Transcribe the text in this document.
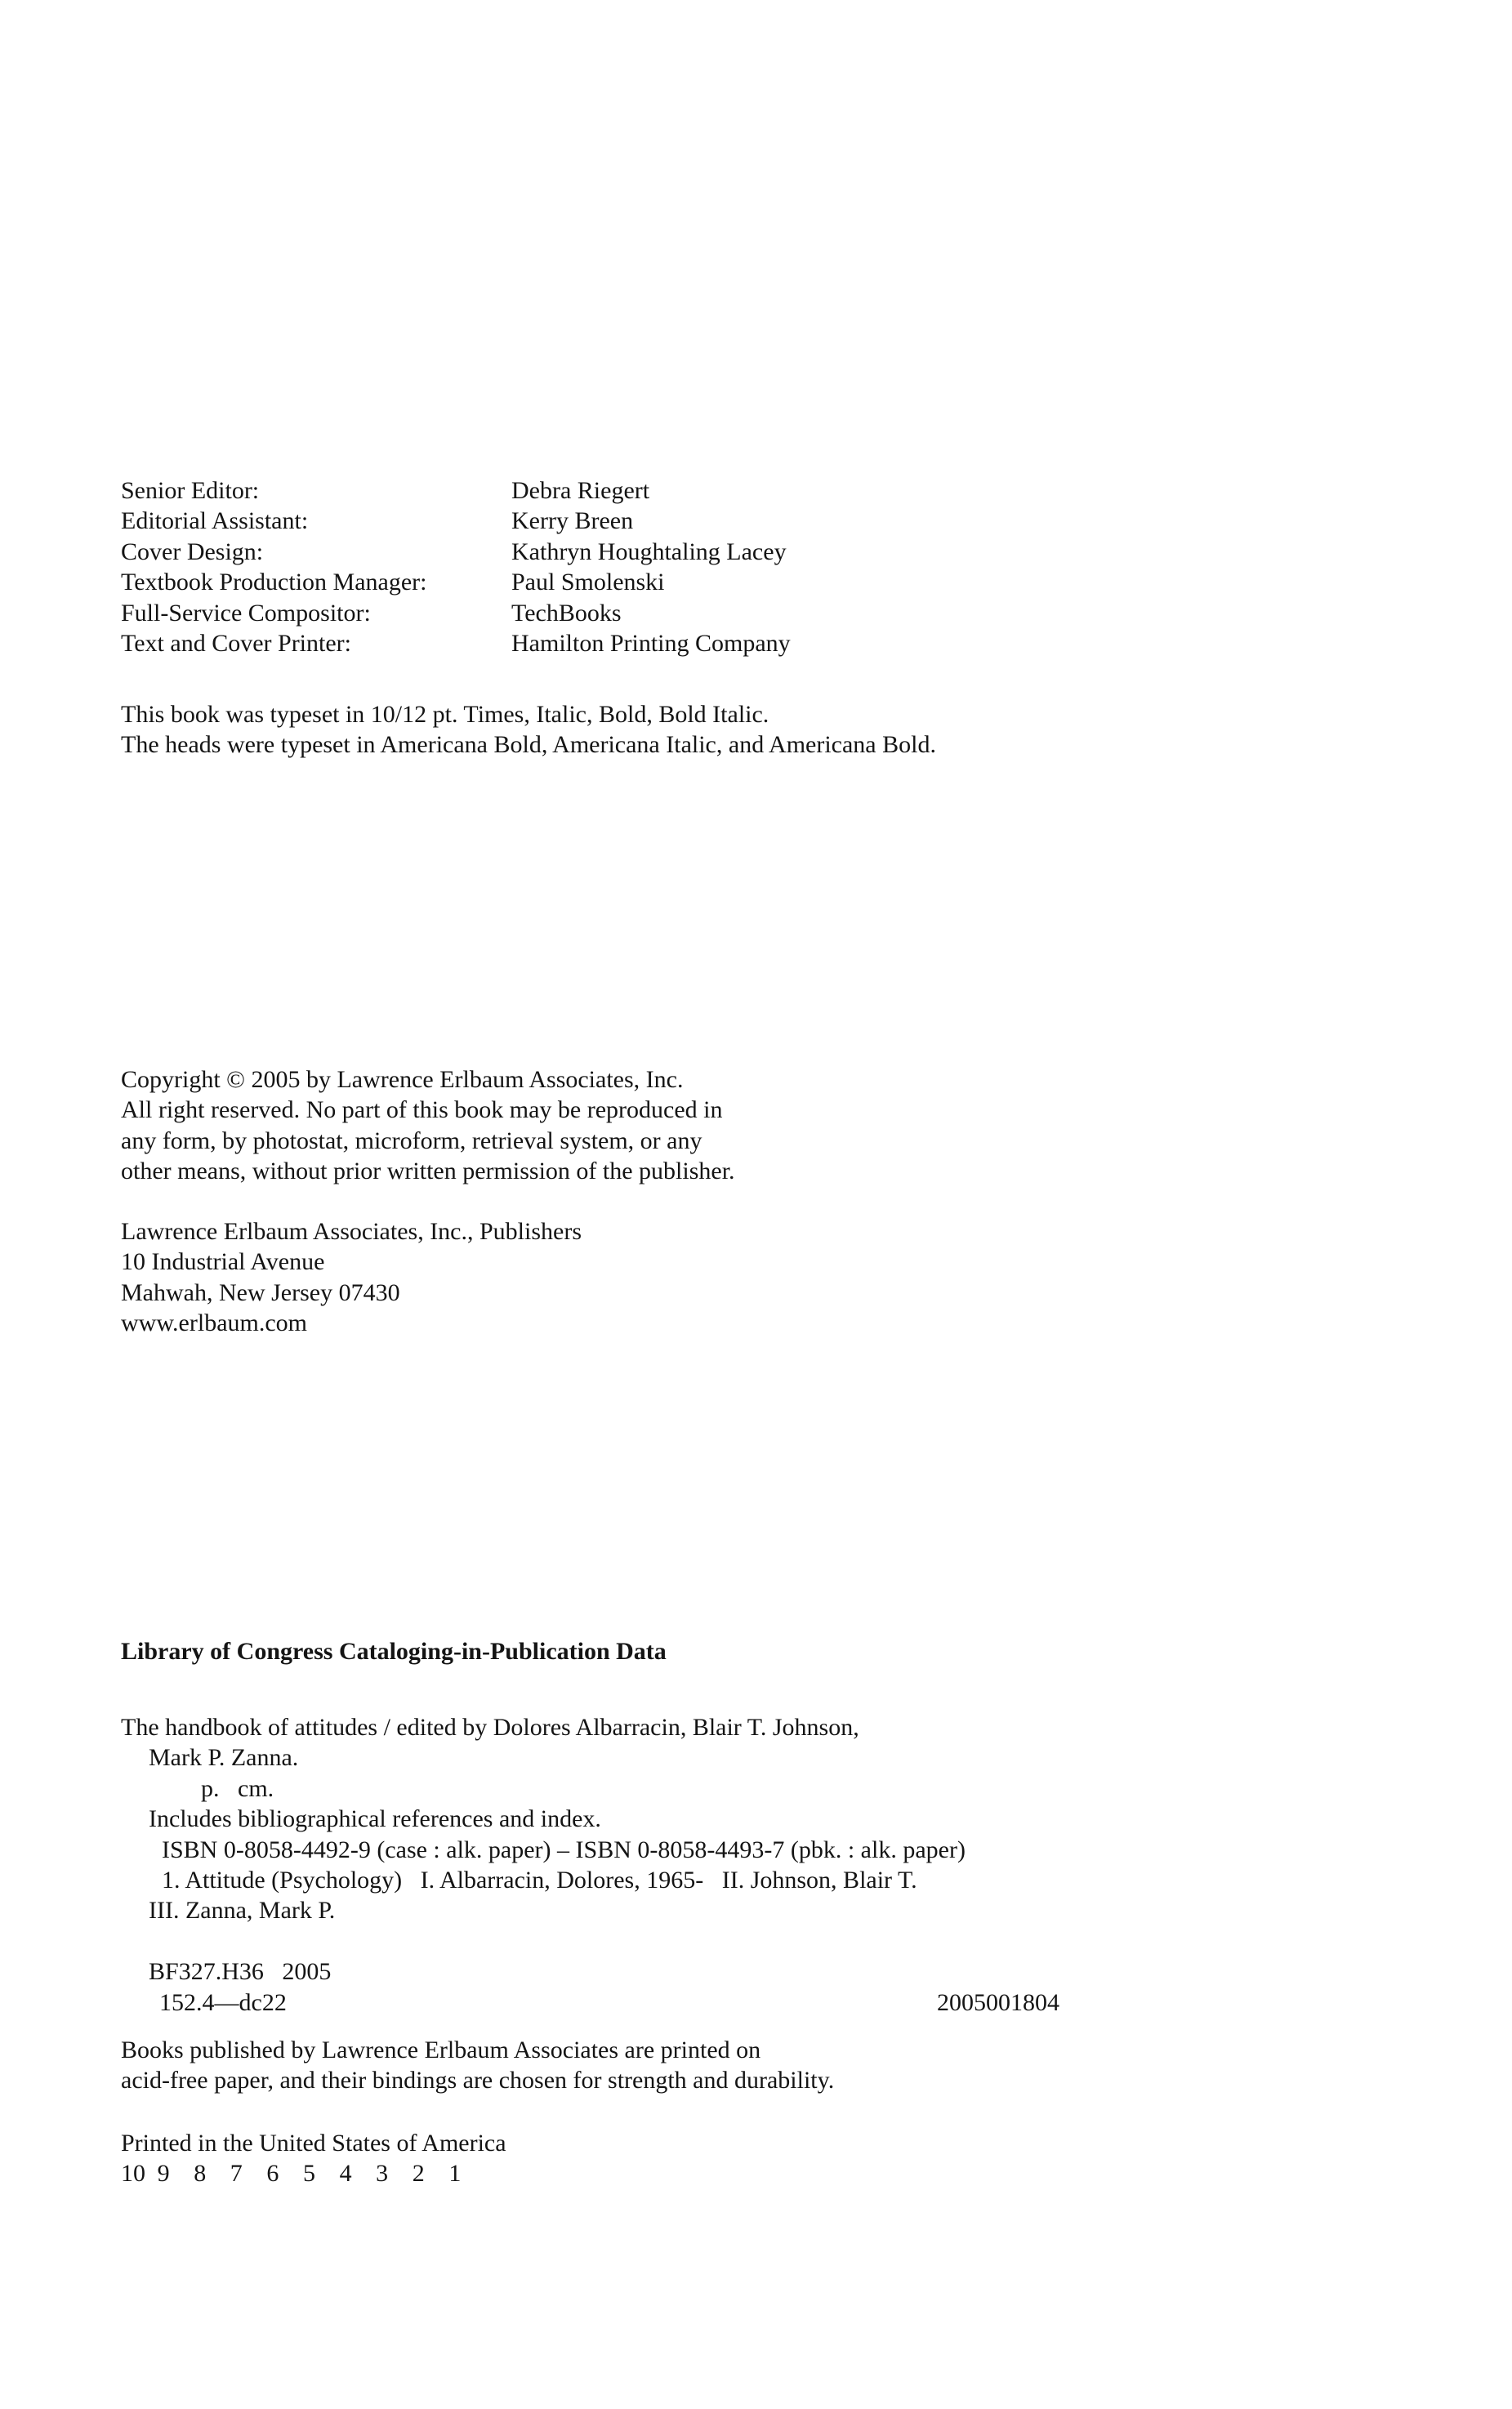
Senior Editor:	Debra Riegert
Editorial Assistant:	Kerry Breen
Cover Design:	Kathryn Houghtaling Lacey
Textbook Production Manager:	Paul Smolenski
Full-Service Compositor:	TechBooks
Text and Cover Printer:	Hamilton Printing Company
This book was typeset in 10/12 pt. Times, Italic, Bold, Bold Italic.
The heads were typeset in Americana Bold, Americana Italic, and Americana Bold.
Copyright © 2005 by Lawrence Erlbaum Associates, Inc.
All right reserved. No part of this book may be reproduced in
any form, by photostat, microform, retrieval system, or any
other means, without prior written permission of the publisher.
Lawrence Erlbaum Associates, Inc., Publishers
10 Industrial Avenue
Mahwah, New Jersey 07430
www.erlbaum.com
Library of Congress Cataloging-in-Publication Data
The handbook of attitudes / edited by Dolores Albarracin, Blair T. Johnson,
Mark P. Zanna.
p.   cm.
Includes bibliographical references and index.
ISBN 0-8058-4492-9 (case : alk. paper) – ISBN 0-8058-4493-7 (pbk. : alk. paper)
1. Attitude (Psychology)   I. Albarracin, Dolores, 1965-   II. Johnson, Blair T.
III. Zanna, Mark P.

BF327.H36   2005
152.4—dc22	2005001804
Books published by Lawrence Erlbaum Associates are printed on
acid-free paper, and their bindings are chosen for strength and durability.
Printed in the United States of America
10 9 8 7 6 5 4 3 2 1
